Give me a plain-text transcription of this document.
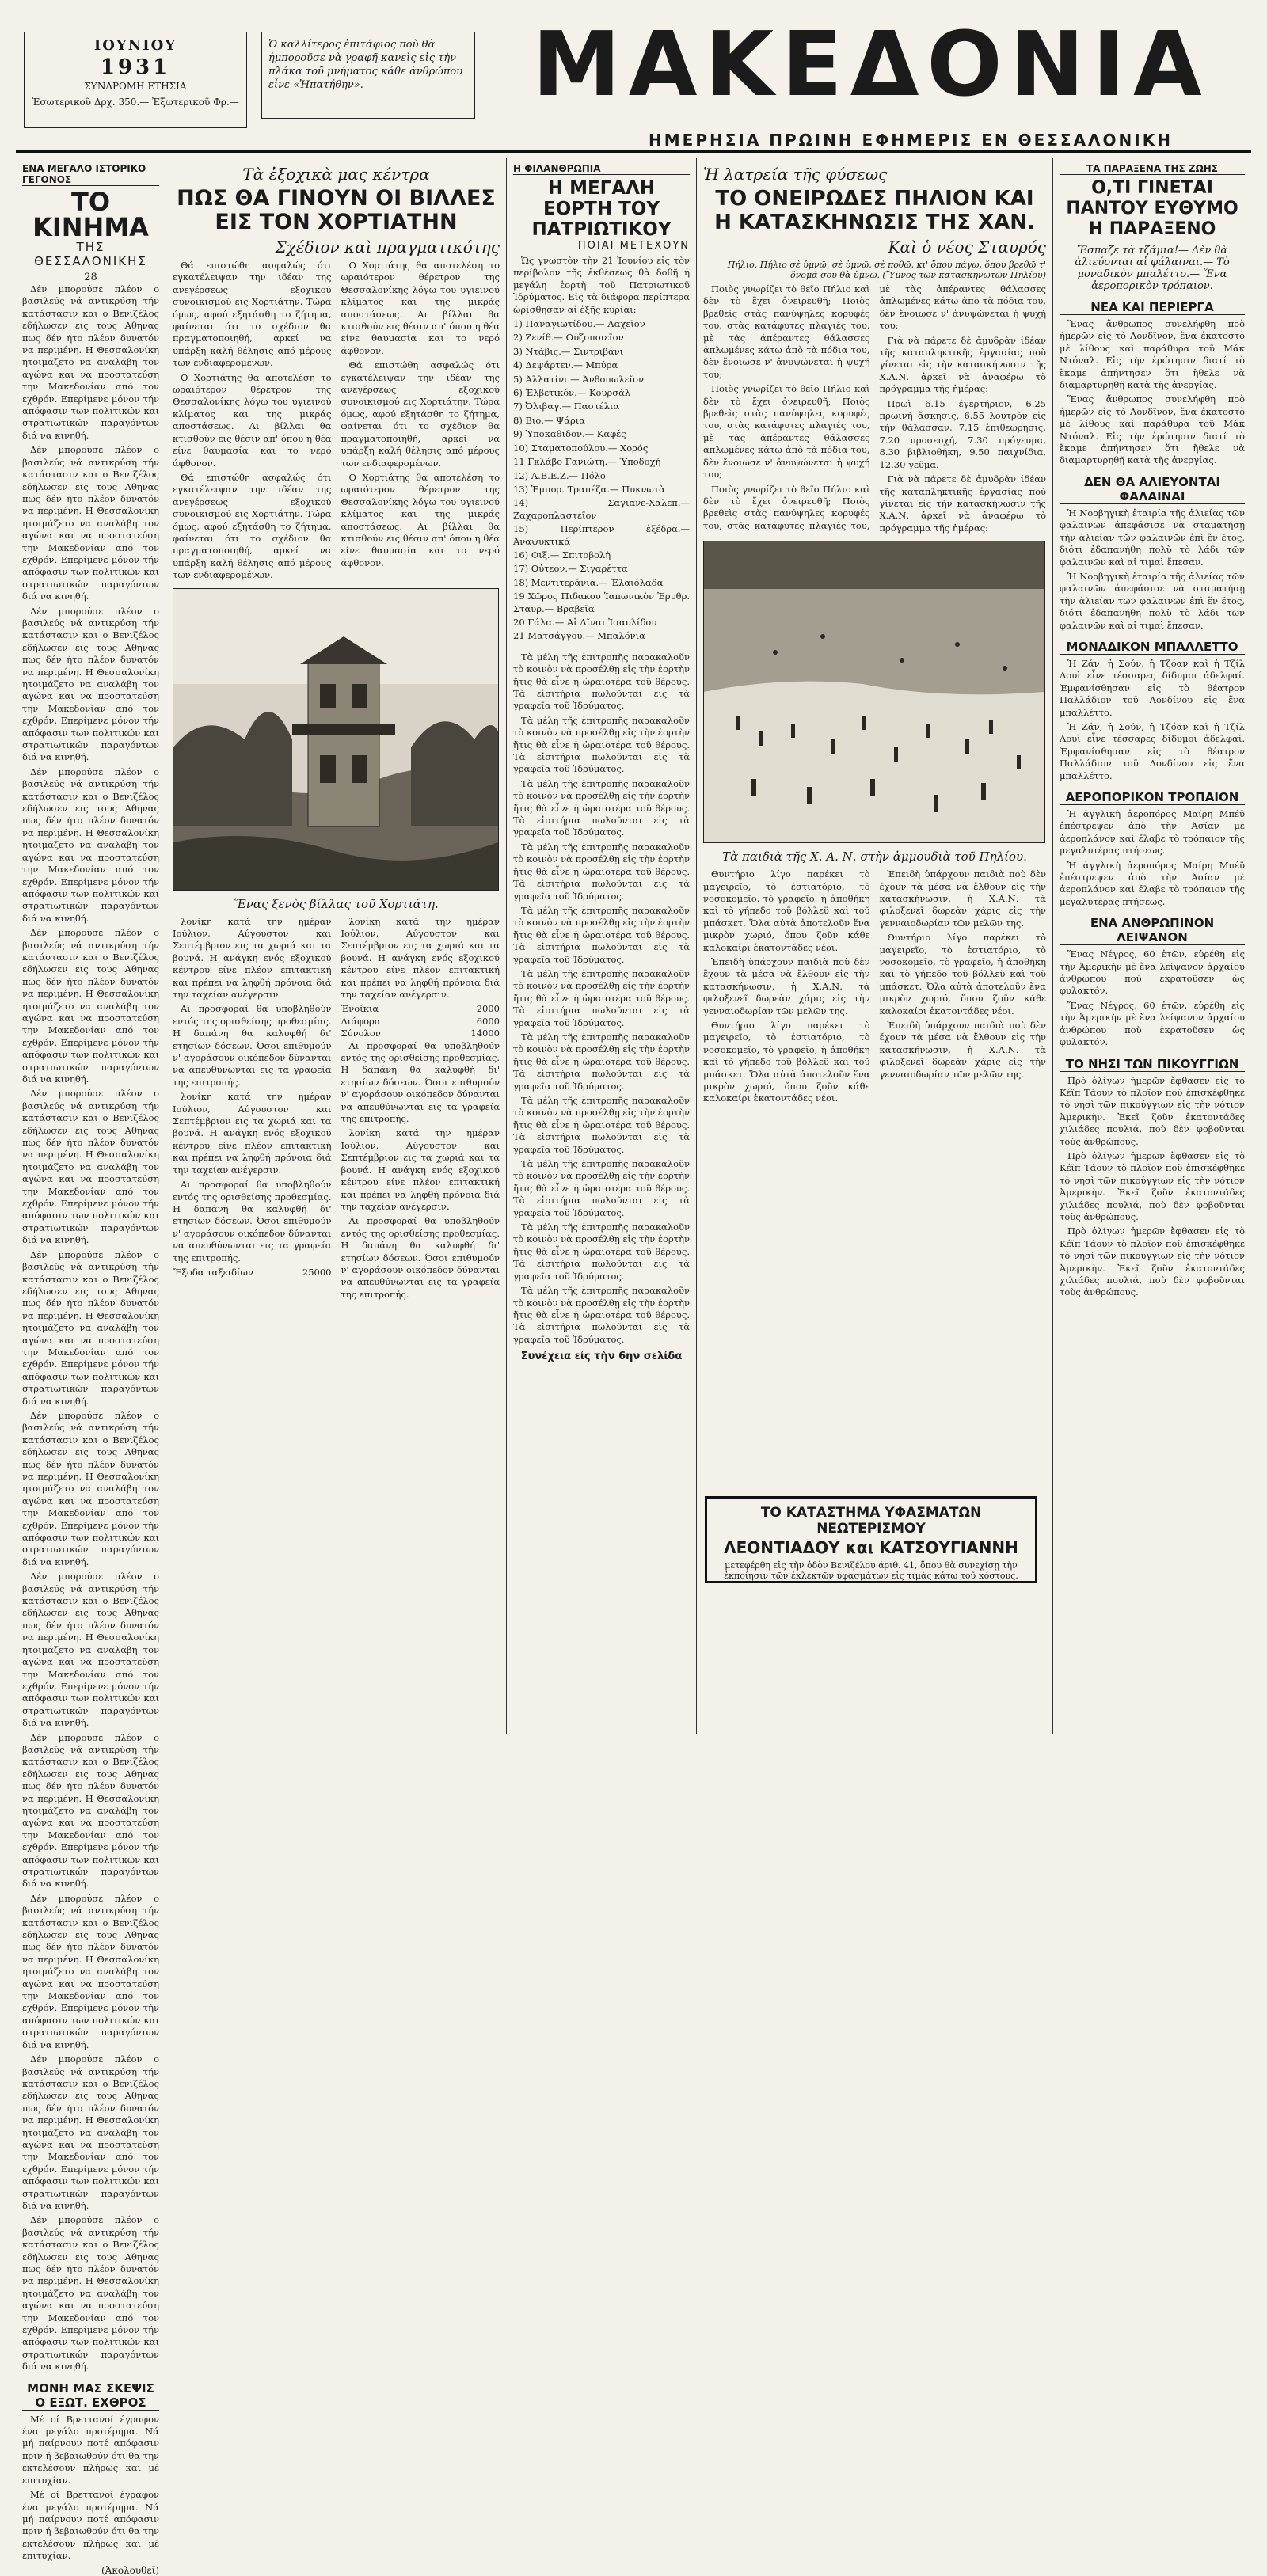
ΙΟΥΝΙΟΥ
1931
ΣΥΝΔΡΟΜΗ ΕΤΗΣΙΑ
Ἐσωτερικοῦ Δρχ. 350.— Ἐξωτερικοῦ Φρ.—
Ὁ καλλίτερος ἐπιτάφιος ποὺ θὰ ἠμποροῦσε νὰ γραφῆ κανεὶς εἰς τὴν πλάκα τοῦ μνήματος κάθε ἀνθρώπου εἶνε «Ἠπατήθην».	ΜΑΚΕΔΟΝΙΑ
ΗΜΕΡΗΣΙΑ ΠΡΩΙΝΗ ΕΦΗΜΕΡΙΣ ΕΝ ΘΕΣΣΑΛΟΝΙΚΗ
ΕΝΑ ΜΕΓΑΛΟ ΙΣΤΟΡΙΚΟ ΓΕΓΟΝΟΣ
ΤΟ ΚΙΝΗΜΑ
ΤΗΣ ΘΕΣΣΑΛΟΝΙΚΗΣ
28

Δέν μπορούσε πλέον ο βασιλεύς νά αντικρύση τήν κατάστασιν και ο Βενιζέλος εδήλωσεν εις τους Αθηνας πως δέν ήτο πλέον δυνατόν να περιμένη. Η Θεσσαλονίκη ητοιμάζετο να αναλάβη τον αγώνα και να προστατεύση την Μακεδονίαν από τον εχθρόν. Επερίμενε μόνον τήν απόφασιν των πολιτικών και στρατιωτικών παραγόντων διά να κινηθή.

Δέν μπορούσε πλέον ο βασιλεύς νά αντικρύση τήν κατάστασιν και ο Βενιζέλος εδήλωσεν εις τους Αθηνας πως δέν ήτο πλέον δυνατόν να περιμένη. Η Θεσσαλονίκη ητοιμάζετο να αναλάβη τον αγώνα και να προστατεύση την Μακεδονίαν από τον εχθρόν. Επερίμενε μόνον τήν απόφασιν των πολιτικών και στρατιωτικών παραγόντων διά να κινηθή.

Δέν μπορούσε πλέον ο βασιλεύς νά αντικρύση τήν κατάστασιν και ο Βενιζέλος εδήλωσεν εις τους Αθηνας πως δέν ήτο πλέον δυνατόν να περιμένη. Η Θεσσαλονίκη ητοιμάζετο να αναλάβη τον αγώνα και να προστατεύση την Μακεδονίαν από τον εχθρόν. Επερίμενε μόνον τήν απόφασιν των πολιτικών και στρατιωτικών παραγόντων διά να κινηθή.

Δέν μπορούσε πλέον ο βασιλεύς νά αντικρύση τήν κατάστασιν και ο Βενιζέλος εδήλωσεν εις τους Αθηνας πως δέν ήτο πλέον δυνατόν να περιμένη. Η Θεσσαλονίκη ητοιμάζετο να αναλάβη τον αγώνα και να προστατεύση την Μακεδονίαν από τον εχθρόν. Επερίμενε μόνον τήν απόφασιν των πολιτικών και στρατιωτικών παραγόντων διά να κινηθή.

Δέν μπορούσε πλέον ο βασιλεύς νά αντικρύση τήν κατάστασιν και ο Βενιζέλος εδήλωσεν εις τους Αθηνας πως δέν ήτο πλέον δυνατόν να περιμένη. Η Θεσσαλονίκη ητοιμάζετο να αναλάβη τον αγώνα και να προστατεύση την Μακεδονίαν από τον εχθρόν. Επερίμενε μόνον τήν απόφασιν των πολιτικών και στρατιωτικών παραγόντων διά να κινηθή.

Δέν μπορούσε πλέον ο βασιλεύς νά αντικρύση τήν κατάστασιν και ο Βενιζέλος εδήλωσεν εις τους Αθηνας πως δέν ήτο πλέον δυνατόν να περιμένη. Η Θεσσαλονίκη ητοιμάζετο να αναλάβη τον αγώνα και να προστατεύση την Μακεδονίαν από τον εχθρόν. Επερίμενε μόνον τήν απόφασιν των πολιτικών και στρατιωτικών παραγόντων διά να κινηθή.

Δέν μπορούσε πλέον ο βασιλεύς νά αντικρύση τήν κατάστασιν και ο Βενιζέλος εδήλωσεν εις τους Αθηνας πως δέν ήτο πλέον δυνατόν να περιμένη. Η Θεσσαλονίκη ητοιμάζετο να αναλάβη τον αγώνα και να προστατεύση την Μακεδονίαν από τον εχθρόν. Επερίμενε μόνον τήν απόφασιν των πολιτικών και στρατιωτικών παραγόντων διά να κινηθή.

Δέν μπορούσε πλέον ο βασιλεύς νά αντικρύση τήν κατάστασιν και ο Βενιζέλος εδήλωσεν εις τους Αθηνας πως δέν ήτο πλέον δυνατόν να περιμένη. Η Θεσσαλονίκη ητοιμάζετο να αναλάβη τον αγώνα και να προστατεύση την Μακεδονίαν από τον εχθρόν. Επερίμενε μόνον τήν απόφασιν των πολιτικών και στρατιωτικών παραγόντων διά να κινηθή.

Δέν μπορούσε πλέον ο βασιλεύς νά αντικρύση τήν κατάστασιν και ο Βενιζέλος εδήλωσεν εις τους Αθηνας πως δέν ήτο πλέον δυνατόν να περιμένη. Η Θεσσαλονίκη ητοιμάζετο να αναλάβη τον αγώνα και να προστατεύση την Μακεδονίαν από τον εχθρόν. Επερίμενε μόνον τήν απόφασιν των πολιτικών και στρατιωτικών παραγόντων διά να κινηθή.

Δέν μπορούσε πλέον ο βασιλεύς νά αντικρύση τήν κατάστασιν και ο Βενιζέλος εδήλωσεν εις τους Αθηνας πως δέν ήτο πλέον δυνατόν να περιμένη. Η Θεσσαλονίκη ητοιμάζετο να αναλάβη τον αγώνα και να προστατεύση την Μακεδονίαν από τον εχθρόν. Επερίμενε μόνον τήν απόφασιν των πολιτικών και στρατιωτικών παραγόντων διά να κινηθή.

Δέν μπορούσε πλέον ο βασιλεύς νά αντικρύση τήν κατάστασιν και ο Βενιζέλος εδήλωσεν εις τους Αθηνας πως δέν ήτο πλέον δυνατόν να περιμένη. Η Θεσσαλονίκη ητοιμάζετο να αναλάβη τον αγώνα και να προστατεύση την Μακεδονίαν από τον εχθρόν. Επερίμενε μόνον τήν απόφασιν των πολιτικών και στρατιωτικών παραγόντων διά να κινηθή.

Δέν μπορούσε πλέον ο βασιλεύς νά αντικρύση τήν κατάστασιν και ο Βενιζέλος εδήλωσεν εις τους Αθηνας πως δέν ήτο πλέον δυνατόν να περιμένη. Η Θεσσαλονίκη ητοιμάζετο να αναλάβη τον αγώνα και να προστατεύση την Μακεδονίαν από τον εχθρόν. Επερίμενε μόνον τήν απόφασιν των πολιτικών και στρατιωτικών παραγόντων διά να κινηθή.

Δέν μπορούσε πλέον ο βασιλεύς νά αντικρύση τήν κατάστασιν και ο Βενιζέλος εδήλωσεν εις τους Αθηνας πως δέν ήτο πλέον δυνατόν να περιμένη. Η Θεσσαλονίκη ητοιμάζετο να αναλάβη τον αγώνα και να προστατεύση την Μακεδονίαν από τον εχθρόν. Επερίμενε μόνον τήν απόφασιν των πολιτικών και στρατιωτικών παραγόντων διά να κινηθή.

ΜΟΝΗ ΜΑΣ ΣΚΕΨΙΣ Ο ΕΞΩΤ. ΕΧΘΡΟΣ

Μέ οί Βρεττανοί έγραφον ένα μεγάλο προτέρημα. Νά μή παίρνουν ποτέ απόφασιν πριν ή βεβαιωθούν ότι θα την εκτελέσουν πλήρως και μέ επιτυχίαν.

Μέ οί Βρεττανοί έγραφον ένα μεγάλο προτέρημα. Νά μή παίρνουν ποτέ απόφασιν πριν ή βεβαιωθούν ότι θα την εκτελέσουν πλήρως και μέ επιτυχίαν.

(Ἀκολουθεῖ)
Τὰ ἐξοχικὰ μας κέντρα
ΠΩΣ ΘΑ ΓΙΝΟΥΝ ΟΙ ΒΙΛΛΕΣ ΕΙΣ ΤΟΝ ΧΟΡΤΙΑΤΗΝ
Σχέδιον καὶ πραγματικότης

Θά επιστώθη ασφαλώς ότι εγκατέλειψαν την ιδέαν της ανεγέρσεως εξοχικού συνοικισμού εις Χορτιάτην. Τώρα όμως, αφού εξητάσθη το ζήτημα, φαίνεται ότι το σχέδιον θα πραγματοποιηθή, αρκεί να υπάρξη καλή θέλησις από μέρους των ενδιαφερομένων.

Ο Χορτιάτης θα αποτελέση το ωραιότερον θέρετρον της Θεσσαλονίκης λόγω του υγιεινού κλίματος και της μικράς αποστάσεως. Αι βίλλαι θα κτισθούν εις θέσιν απ' όπου η θέα είνε θαυμασία και το νερό άφθονον.

Θά επιστώθη ασφαλώς ότι εγκατέλειψαν την ιδέαν της ανεγέρσεως εξοχικού συνοικισμού εις Χορτιάτην. Τώρα όμως, αφού εξητάσθη το ζήτημα, φαίνεται ότι το σχέδιον θα πραγματοποιηθή, αρκεί να υπάρξη καλή θέλησις από μέρους των ενδιαφερομένων.

Ο Χορτιάτης θα αποτελέση το ωραιότερον θέρετρον της Θεσσαλονίκης λόγω του υγιεινού κλίματος και της μικράς αποστάσεως. Αι βίλλαι θα κτισθούν εις θέσιν απ' όπου η θέα είνε θαυμασία και το νερό άφθονον.

Θά επιστώθη ασφαλώς ότι εγκατέλειψαν την ιδέαν της ανεγέρσεως εξοχικού συνοικισμού εις Χορτιάτην. Τώρα όμως, αφού εξητάσθη το ζήτημα, φαίνεται ότι το σχέδιον θα πραγματοποιηθή, αρκεί να υπάρξη καλή θέλησις από μέρους των ενδιαφερομένων.

Ο Χορτιάτης θα αποτελέση το ωραιότερον θέρετρον της Θεσσαλονίκης λόγω του υγιεινού κλίματος και της μικράς αποστάσεως. Αι βίλλαι θα κτισθούν εις θέσιν απ' όπου η θέα είνε θαυμασία και το νερό άφθονον.

Ἕνας ξενὸς βίλλας τοῦ Χορτιάτη.

λονίκη κατά την ημέραν Ιούλιον, Αύγουστον και Σεπτέμβριον εις τα χωριά και τα βουνά. Η ανάγκη ενός εξοχικού κέντρου είνε πλέον επιτακτική και πρέπει να ληφθή πρόνοια διά την ταχείαν ανέγερσιν.

Αι προσφοραί θα υποβληθούν εντός της ορισθείσης προθεσμίας. Η δαπάνη θα καλυφθή δι' ετησίων δόσεων. Όσοι επιθυμούν ν' αγοράσουν οικόπεδον δύνανται να απευθύνωνται εις τα γραφεία της επιτροπής.

λονίκη κατά την ημέραν Ιούλιον, Αύγουστον και Σεπτέμβριον εις τα χωριά και τα βουνά. Η ανάγκη ενός εξοχικού κέντρου είνε πλέον επιτακτική και πρέπει να ληφθή πρόνοια διά την ταχείαν ανέγερσιν.

Αι προσφοραί θα υποβληθούν εντός της ορισθείσης προθεσμίας. Η δαπάνη θα καλυφθή δι' ετησίων δόσεων. Όσοι επιθυμούν ν' αγοράσουν οικόπεδον δύνανται να απευθύνωνται εις τα γραφεία της επιτροπής.

Ἔξοδα ταξειδίων	25000

λονίκη κατά την ημέραν Ιούλιον, Αύγουστον και Σεπτέμβριον εις τα χωριά και τα βουνά. Η ανάγκη ενός εξοχικού κέντρου είνε πλέον επιτακτική και πρέπει να ληφθή πρόνοια διά την ταχείαν ανέγερσιν.

Ἐνοίκια	2000
Διάφορα	6000
Σύνολον	14000

Αι προσφοραί θα υποβληθούν εντός της ορισθείσης προθεσμίας. Η δαπάνη θα καλυφθή δι' ετησίων δόσεων. Όσοι επιθυμούν ν' αγοράσουν οικόπεδον δύνανται να απευθύνωνται εις τα γραφεία της επιτροπής.

λονίκη κατά την ημέραν Ιούλιον, Αύγουστον και Σεπτέμβριον εις τα χωριά και τα βουνά. Η ανάγκη ενός εξοχικού κέντρου είνε πλέον επιτακτική και πρέπει να ληφθή πρόνοια διά την ταχείαν ανέγερσιν.

Αι προσφοραί θα υποβληθούν εντός της ορισθείσης προθεσμίας. Η δαπάνη θα καλυφθή δι' ετησίων δόσεων. Όσοι επιθυμούν ν' αγοράσουν οικόπεδον δύνανται να απευθύνωνται εις τα γραφεία της επιτροπής.

Η ΦΙΛΑΝΘΡΩΠΙΑ
Η ΜΕΓΑΛΗ ΕΟΡΤΗ ΤΟΥ ΠΑΤΡΙΩΤΙΚΟΥ
ΠΟΙΑΙ ΜΕΤΕΧΟΥΝ

Ὡς γνωστὸν τὴν 21 Ἰουνίου εἰς τὸν περίβολον τῆς ἐκθέσεως θὰ δοθῆ ἡ μεγάλη ἑορτὴ τοῦ Πατριωτικοῦ Ἱδρύματος. Εἰς τὰ διάφορα περίπτερα ὡρίσθησαν αἱ ἑξῆς κυρίαι:

1) Παναγιωτίδου.— Λαχεῖον
2) Ζενίθ.— Οὐζοποιεῖον
3) Ντάβις.— Σιντριβάνι
4) Δεψάρτεν.— Μπύρα
5) Ἀλλατίνι.— Ἀνθοπωλεῖον
6) Ἐλβετικόν.— Κουρσάλ
7) Ὀλιβαγ.— Παστέλια
8) Βιο.— Ψάρια
9) Ὑποκαθιδον.— Καφές
10) Σταματοπούλου.— Χορός
11 Γκλάβο Γανιώτη.— Ὑποδοχή
12) Α.Β.Ε.Ζ.— Πόλο
13) Ἐμπορ. Τραπέζα.— Πυκνωτὰ
14) Σαγιανε-Χαλεπ.— Ζαχαροπλαστεῖον
15) Περίπτερον ἐξέδρα.— Ἀναψυκτικά
16) Φιξ.— Σπιτοβολὴ
17) Οὐτεον.— Σιγαρέττα
18) Μεντιτεράνια.— Ἐλαιόλαδα
19 Χῶρος Πιδακου Ἱαπωνικὸν Ἐρυθρ. Σταυρ.— Βραβεῖα
20 Γάλα.— Αἱ Δῖναι Ἰσαυλίδου
21 Ματσάγγου.— Μπαλόνια

Τὰ μέλη τῆς ἐπιτροπῆς παρακαλοῦν τὸ κοινὸν νὰ προσέλθῃ εἰς τὴν ἑορτὴν ἥτις θὰ εἶνε ἡ ὡραιοτέρα τοῦ θέρους. Τὰ εἰσιτήρια πωλοῦνται εἰς τὰ γραφεῖα τοῦ Ἱδρύματος.

Τὰ μέλη τῆς ἐπιτροπῆς παρακαλοῦν τὸ κοινὸν νὰ προσέλθῃ εἰς τὴν ἑορτὴν ἥτις θὰ εἶνε ἡ ὡραιοτέρα τοῦ θέρους. Τὰ εἰσιτήρια πωλοῦνται εἰς τὰ γραφεῖα τοῦ Ἱδρύματος.

Τὰ μέλη τῆς ἐπιτροπῆς παρακαλοῦν τὸ κοινὸν νὰ προσέλθῃ εἰς τὴν ἑορτὴν ἥτις θὰ εἶνε ἡ ὡραιοτέρα τοῦ θέρους. Τὰ εἰσιτήρια πωλοῦνται εἰς τὰ γραφεῖα τοῦ Ἱδρύματος.

Τὰ μέλη τῆς ἐπιτροπῆς παρακαλοῦν τὸ κοινὸν νὰ προσέλθῃ εἰς τὴν ἑορτὴν ἥτις θὰ εἶνε ἡ ὡραιοτέρα τοῦ θέρους. Τὰ εἰσιτήρια πωλοῦνται εἰς τὰ γραφεῖα τοῦ Ἱδρύματος.

Τὰ μέλη τῆς ἐπιτροπῆς παρακαλοῦν τὸ κοινὸν νὰ προσέλθῃ εἰς τὴν ἑορτὴν ἥτις θὰ εἶνε ἡ ὡραιοτέρα τοῦ θέρους. Τὰ εἰσιτήρια πωλοῦνται εἰς τὰ γραφεῖα τοῦ Ἱδρύματος.

Τὰ μέλη τῆς ἐπιτροπῆς παρακαλοῦν τὸ κοινὸν νὰ προσέλθῃ εἰς τὴν ἑορτὴν ἥτις θὰ εἶνε ἡ ὡραιοτέρα τοῦ θέρους. Τὰ εἰσιτήρια πωλοῦνται εἰς τὰ γραφεῖα τοῦ Ἱδρύματος.

Τὰ μέλη τῆς ἐπιτροπῆς παρακαλοῦν τὸ κοινὸν νὰ προσέλθῃ εἰς τὴν ἑορτὴν ἥτις θὰ εἶνε ἡ ὡραιοτέρα τοῦ θέρους. Τὰ εἰσιτήρια πωλοῦνται εἰς τὰ γραφεῖα τοῦ Ἱδρύματος.

Τὰ μέλη τῆς ἐπιτροπῆς παρακαλοῦν τὸ κοινὸν νὰ προσέλθῃ εἰς τὴν ἑορτὴν ἥτις θὰ εἶνε ἡ ὡραιοτέρα τοῦ θέρους. Τὰ εἰσιτήρια πωλοῦνται εἰς τὰ γραφεῖα τοῦ Ἱδρύματος.

Τὰ μέλη τῆς ἐπιτροπῆς παρακαλοῦν τὸ κοινὸν νὰ προσέλθῃ εἰς τὴν ἑορτὴν ἥτις θὰ εἶνε ἡ ὡραιοτέρα τοῦ θέρους. Τὰ εἰσιτήρια πωλοῦνται εἰς τὰ γραφεῖα τοῦ Ἱδρύματος.

Τὰ μέλη τῆς ἐπιτροπῆς παρακαλοῦν τὸ κοινὸν νὰ προσέλθῃ εἰς τὴν ἑορτὴν ἥτις θὰ εἶνε ἡ ὡραιοτέρα τοῦ θέρους. Τὰ εἰσιτήρια πωλοῦνται εἰς τὰ γραφεῖα τοῦ Ἱδρύματος.

Τὰ μέλη τῆς ἐπιτροπῆς παρακαλοῦν τὸ κοινὸν νὰ προσέλθῃ εἰς τὴν ἑορτὴν ἥτις θὰ εἶνε ἡ ὡραιοτέρα τοῦ θέρους. Τὰ εἰσιτήρια πωλοῦνται εἰς τὰ γραφεῖα τοῦ Ἱδρύματος.

Συνέχεια εἰς τὴν 6ην σελίδα
Ἡ λατρεία τῆς φύσεως
ΤΟ ΟΝΕΙΡΩΔΕΣ ΠΗΛΙΟΝ ΚΑΙ Η ΚΑΤΑΣΚΗΝΩΣΙΣ ΤΗΣ ΧΑΝ.
Καὶ ὁ νέος Σταυρός
Πήλιο, Πήλιο σὲ ὑμνῶ, σὲ ὑμνῶ, σὲ ποθῶ, κι' ὅπου πάγω, ὅπου βρεθῶ τ' ὄνομά σου θὰ ὑμνῶ. (Ὕμνος τῶν κατασκηνωτῶν Πηλίου)

Ποιὸς γνωρίζει τὸ θεῖο Πήλιο καὶ δὲν τὸ ἔχει ὀνειρευθῆ; Ποιὸς βρεθεὶς στὰς πανύψηλες κορυφές του, στὰς κατάφυτες πλαγιές του, μὲ τὰς ἀπέραντες θάλασσες ἀπλωμένες κάτω ἀπὸ τὰ πόδια του, δὲν ἔνοιωσε ν' ἀνυψώνεται ἡ ψυχή του;

Ποιὸς γνωρίζει τὸ θεῖο Πήλιο καὶ δὲν τὸ ἔχει ὀνειρευθῆ; Ποιὸς βρεθεὶς στὰς πανύψηλες κορυφές του, στὰς κατάφυτες πλαγιές του, μὲ τὰς ἀπέραντες θάλασσες ἀπλωμένες κάτω ἀπὸ τὰ πόδια του, δὲν ἔνοιωσε ν' ἀνυψώνεται ἡ ψυχή του;

Ποιὸς γνωρίζει τὸ θεῖο Πήλιο καὶ δὲν τὸ ἔχει ὀνειρευθῆ; Ποιὸς βρεθεὶς στὰς πανύψηλες κορυφές του, στὰς κατάφυτες πλαγιές του, μὲ τὰς ἀπέραντες θάλασσες ἀπλωμένες κάτω ἀπὸ τὰ πόδια του, δὲν ἔνοιωσε ν' ἀνυψώνεται ἡ ψυχή του;

Γιὰ νὰ πάρετε δὲ ἀμυδρὰν ἰδέαν τῆς καταπληκτικῆς ἐργασίας ποὺ γίνεται εἰς τὴν κατασκήνωσιν τῆς Χ.Α.Ν. ἀρκεῖ νὰ ἀναφέρω τὸ πρόγραμμα τῆς ἡμέρας:

Πρωὶ 6.15 ἐγερτήριον, 6.25 πρωινὴ ἄσκησις, 6.55 λουτρὸν εἰς τὴν θάλασσαν, 7.15 ἐπιθεώρησις, 7.20 προσευχή, 7.30 πρόγευμα, 8.30 βιβλιοθήκη, 9.50 παιχνίδια, 12.30 γεῦμα.

Γιὰ νὰ πάρετε δὲ ἀμυδρὰν ἰδέαν τῆς καταπληκτικῆς ἐργασίας ποὺ γίνεται εἰς τὴν κατασκήνωσιν τῆς Χ.Α.Ν. ἀρκεῖ νὰ ἀναφέρω τὸ πρόγραμμα τῆς ἡμέρας:

Τὰ παιδιὰ τῆς Χ. Α. Ν. στὴν ἀμμουδιὰ τοῦ Πηλίου.

Θυντήριο λίγο παρέκει τὸ μαγειρεῖο, τὸ ἑστιατόριο, τὸ νοσοκομεῖο, τὸ γραφεῖο, ἡ ἀποθήκη καὶ τὸ γήπεδο τοῦ βόλλεϋ καὶ τοῦ μπάσκετ. Ὅλα αὐτὰ ἀποτελοῦν ἕνα μικρὸν χωριό, ὅπου ζοῦν κάθε καλοκαίρι ἑκατοντάδες νέοι.

Ἐπειδὴ ὑπάρχουν παιδιὰ ποὺ δὲν ἔχουν τὰ μέσα νὰ ἔλθουν εἰς τὴν κατασκήνωσιν, ἡ Χ.Α.Ν. τὰ φιλοξενεῖ δωρεὰν χάρις εἰς τὴν γενναιοδωρίαν τῶν μελῶν της.

Θυντήριο λίγο παρέκει τὸ μαγειρεῖο, τὸ ἑστιατόριο, τὸ νοσοκομεῖο, τὸ γραφεῖο, ἡ ἀποθήκη καὶ τὸ γήπεδο τοῦ βόλλεϋ καὶ τοῦ μπάσκετ. Ὅλα αὐτὰ ἀποτελοῦν ἕνα μικρὸν χωριό, ὅπου ζοῦν κάθε καλοκαίρι ἑκατοντάδες νέοι.

Ἐπειδὴ ὑπάρχουν παιδιὰ ποὺ δὲν ἔχουν τὰ μέσα νὰ ἔλθουν εἰς τὴν κατασκήνωσιν, ἡ Χ.Α.Ν. τὰ φιλοξενεῖ δωρεὰν χάρις εἰς τὴν γενναιοδωρίαν τῶν μελῶν της.

Θυντήριο λίγο παρέκει τὸ μαγειρεῖο, τὸ ἑστιατόριο, τὸ νοσοκομεῖο, τὸ γραφεῖο, ἡ ἀποθήκη καὶ τὸ γήπεδο τοῦ βόλλεϋ καὶ τοῦ μπάσκετ. Ὅλα αὐτὰ ἀποτελοῦν ἕνα μικρὸν χωριό, ὅπου ζοῦν κάθε καλοκαίρι ἑκατοντάδες νέοι.

Ἐπειδὴ ὑπάρχουν παιδιὰ ποὺ δὲν ἔχουν τὰ μέσα νὰ ἔλθουν εἰς τὴν κατασκήνωσιν, ἡ Χ.Α.Ν. τὰ φιλοξενεῖ δωρεὰν χάρις εἰς τὴν γενναιοδωρίαν τῶν μελῶν της.

ΤΑ ΠΑΡΑΞΕΝΑ ΤΗΣ ΖΩΗΣ
Ο,ΤΙ ΓΙΝΕΤΑΙ ΠΑΝΤΟΥ ΕΥΘΥΜΟ Η ΠΑΡΑΞΕΝΟ
Ἔσπαζε τὰ τζάμια!— Δὲν θὰ ἀλιεύονται αἱ φάλαιναι.— Τὸ μοναδικὸν μπαλέττο.— Ἕνα ἀεροπορικὸν τρόπαιον.
ΝΕΑ ΚΑΙ ΠΕΡΙΕΡΓΑ

Ἕνας ἄνθρωπος συνελήφθη πρὸ ἡμερῶν εἰς τὸ Λονδῖνον, ἕνα ἑκατοστὸ μὲ λίθους καὶ παράθυρα τοῦ Μάκ Ντόναλ. Εἰς τὴν ἐρώτησιν διατί τὸ ἔκαμε ἀπήντησεν ὅτι ἤθελε νὰ διαμαρτυρηθῇ κατὰ τῆς ἀνεργίας.

Ἕνας ἄνθρωπος συνελήφθη πρὸ ἡμερῶν εἰς τὸ Λονδῖνον, ἕνα ἑκατοστὸ μὲ λίθους καὶ παράθυρα τοῦ Μάκ Ντόναλ. Εἰς τὴν ἐρώτησιν διατί τὸ ἔκαμε ἀπήντησεν ὅτι ἤθελε νὰ διαμαρτυρηθῇ κατὰ τῆς ἀνεργίας.

ΔΕΝ ΘΑ ΑΛΙΕΥΟΝΤΑΙ ΦΑΛΑΙΝΑΙ

Ἡ Νορβηγικὴ ἑταιρία τῆς ἁλιείας τῶν φαλαινῶν ἀπεφάσισε νὰ σταματήσῃ τὴν ἁλιείαν τῶν φαλαινῶν ἐπὶ ἕν ἔτος, διότι ἐδαπανήθη πολὺ τὸ λάδι τῶν φαλαινῶν καὶ αἱ τιμαὶ ἔπεσαν.

Ἡ Νορβηγικὴ ἑταιρία τῆς ἁλιείας τῶν φαλαινῶν ἀπεφάσισε νὰ σταματήσῃ τὴν ἁλιείαν τῶν φαλαινῶν ἐπὶ ἕν ἔτος, διότι ἐδαπανήθη πολὺ τὸ λάδι τῶν φαλαινῶν καὶ αἱ τιμαὶ ἔπεσαν.

ΜΟΝΑΔΙΚΟΝ ΜΠΑΛΛΕΤΤΟ

Ἡ Ζάν, ἡ Σούν, ἡ Τζόαν καὶ ἡ Τζίλ Λουὶ εἶνε τέσσαρες δίδυμοι ἀδελφαί. Ἐμφανίσθησαν εἰς τὸ θέατρον Παλλάδιον τοῦ Λονδίνου εἰς ἕνα μπαλλέττο.

Ἡ Ζάν, ἡ Σούν, ἡ Τζόαν καὶ ἡ Τζίλ Λουὶ εἶνε τέσσαρες δίδυμοι ἀδελφαί. Ἐμφανίσθησαν εἰς τὸ θέατρον Παλλάδιον τοῦ Λονδίνου εἰς ἕνα μπαλλέττο.

ΑΕΡΟΠΟΡΙΚΟΝ ΤΡΟΠΑΙΟΝ

Ἡ ἀγγλικὴ ἀεροπόρος Μαίρη Μπέϋ ἐπέστρεψεν ἀπὸ τὴν Ἀσίαν μὲ ἀεροπλάνον καὶ ἔλαβε τὸ τρόπαιον τῆς μεγαλυτέρας πτήσεως.

Ἡ ἀγγλικὴ ἀεροπόρος Μαίρη Μπέϋ ἐπέστρεψεν ἀπὸ τὴν Ἀσίαν μὲ ἀεροπλάνον καὶ ἔλαβε τὸ τρόπαιον τῆς μεγαλυτέρας πτήσεως.

ΕΝΑ ΑΝΘΡΩΠΙΝΟΝ ΛΕΙΨΑΝΟΝ

Ἕνας Νέγρος, 60 ἐτῶν, εὑρέθη εἰς τὴν Ἀμερικὴν μὲ ἕνα λείψανον ἀρχαίου ἀνθρώπου ποὺ ἐκρατοῦσεν ὡς φυλακτόν.

Ἕνας Νέγρος, 60 ἐτῶν, εὑρέθη εἰς τὴν Ἀμερικὴν μὲ ἕνα λείψανον ἀρχαίου ἀνθρώπου ποὺ ἐκρατοῦσεν ὡς φυλακτόν.

ΤΟ ΝΗΣΙ ΤΩΝ ΠΙΚΟΥΓΓΙΩΝ

Πρὸ ὀλίγων ἡμερῶν ἔφθασεν εἰς τὸ Κέϊπ Τάουν τὸ πλοῖον ποὺ ἐπισκέφθηκε τὸ νησὶ τῶν πικούγγιων εἰς τὴν νότιον Ἀμερικὴν. Ἐκεῖ ζοῦν ἑκατοντάδες χιλιάδες πουλιά, ποὺ δὲν φοβοῦνται τοὺς ἀνθρώπους.

Πρὸ ὀλίγων ἡμερῶν ἔφθασεν εἰς τὸ Κέϊπ Τάουν τὸ πλοῖον ποὺ ἐπισκέφθηκε τὸ νησὶ τῶν πικούγγιων εἰς τὴν νότιον Ἀμερικὴν. Ἐκεῖ ζοῦν ἑκατοντάδες χιλιάδες πουλιά, ποὺ δὲν φοβοῦνται τοὺς ἀνθρώπους.

Πρὸ ὀλίγων ἡμερῶν ἔφθασεν εἰς τὸ Κέϊπ Τάουν τὸ πλοῖον ποὺ ἐπισκέφθηκε τὸ νησὶ τῶν πικούγγιων εἰς τὴν νότιον Ἀμερικὴν. Ἐκεῖ ζοῦν ἑκατοντάδες χιλιάδες πουλιά, ποὺ δὲν φοβοῦνται τοὺς ἀνθρώπους.

ΤΟ ΚΑΤΑΣΤΗΜΑ ΥΦΑΣΜΑΤΩΝ ΝΕΩΤΕΡΙΣΜΟΥ
ΛΕΟΝΤΙΑΔΟΥ και ΚΑΤΣΟΥΓΙΑΝΝΗ
μετεφέρθη εἰς τὴν ὁδὸν Βενιζέλου ἀριθ. 41, ὅπου θὰ συνεχίσῃ τὴν ἐκποίησιν τῶν ἐκλεκτῶν ὑφασμάτων εἰς τιμὰς κάτω τοῦ κόστους.
